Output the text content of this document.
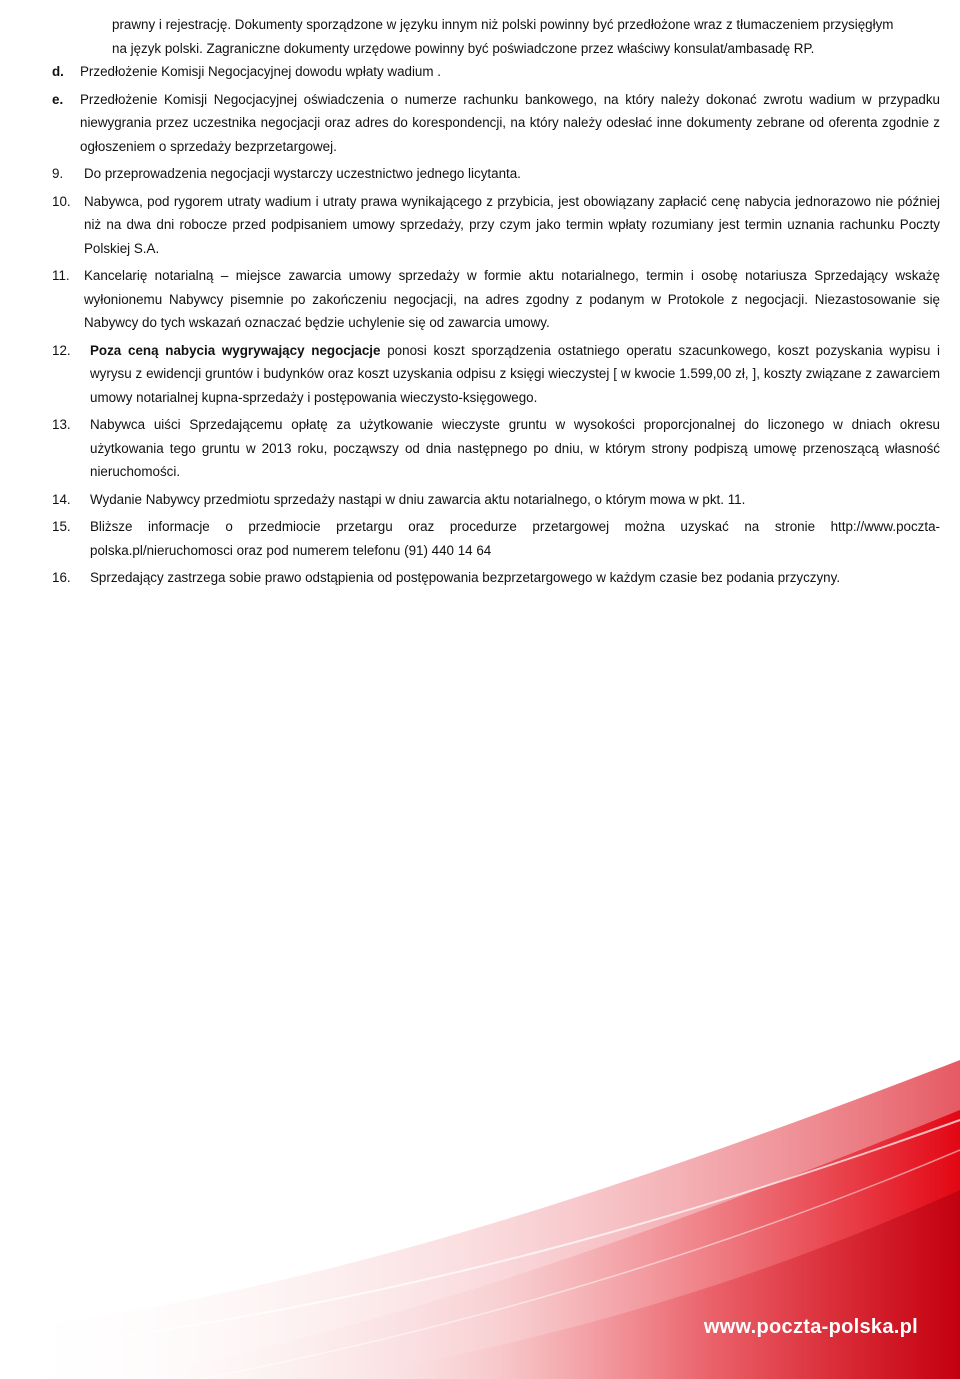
prawny i rejestrację. Dokumenty sporządzone w języku innym niż polski powinny być przedłożone wraz z tłumaczeniem przysięgłym
na język polski. Zagraniczne dokumenty urzędowe powinny być poświadczone przez właściwy konsulat/ambasadę RP.
d.	Przedłożenie Komisji Negocjacyjnej dowodu wpłaty wadium .
e.	Przedłożenie Komisji Negocjacyjnej oświadczenia o numerze rachunku bankowego, na który należy dokonać zwrotu wadium w przypadku niewygrania przez uczestnika negocjacji oraz adres do korespondencji, na który należy odesłać inne dokumenty zebrane od oferenta zgodnie z ogłoszeniem o sprzedaży bezprzetargowej.
9.	Do przeprowadzenia negocjacji wystarczy uczestnictwo jednego licytanta.
10. Nabywca, pod rygorem utraty wadium i utraty prawa wynikającego z przybicia, jest obowiązany zapłacić cenę nabycia jednorazowo nie później niż na dwa dni robocze przed podpisaniem umowy sprzedaży, przy czym jako termin wpłaty rozumiany jest termin uznania rachunku Poczty Polskiej S.A.
11.	Kancelarię notarialną – miejsce zawarcia umowy sprzedaży w formie aktu notarialnego, termin i osobę notariusza Sprzedający wskażę wyłonionemu Nabywcy pisemnie po zakończeniu negocjacji, na adres zgodny z podanym w Protokole z negocjacji. Niezastosowanie się Nabywcy do tych wskazań oznaczać będzie uchylenie się od zawarcia umowy.
12.	Poza ceną nabycia wygrywający negocjacje ponosi koszt sporządzenia ostatniego operatu szacunkowego, koszt pozyskania wypisu i wyrysu z ewidencji gruntów i budynków oraz koszt uzyskania odpisu z księgi wieczystej [ w kwocie 1.599,00 zł, ], koszty związane z zawarciem umowy notarialnej kupna-sprzedaży i postępowania wieczysto-księgowego.
13.	Nabywca uiści Sprzedającemu opłatę za użytkowanie wieczyste gruntu w wysokości proporcjonalnej do liczonego w dniach okresu użytkowania tego gruntu w 2013 roku, począwszy od dnia następnego po dniu, w którym strony podpiszą umowę przenoszącą własność nieruchomości.
14.	Wydanie Nabywcy przedmiotu sprzedaży nastąpi w dniu zawarcia aktu notarialnego, o którym mowa w pkt. 11.
15.	Bliższe informacje o przedmiocie przetargu oraz procedurze przetargowej można uzyskać na stronie http://www.poczta-polska.pl/nieruchomosci oraz pod numerem telefonu (91) 440 14 64
16.	Sprzedający zastrzega sobie prawo odstąpienia od postępowania bezprzetargowego w każdym czasie bez podania przyczyny.
www.poczta-polska.pl
